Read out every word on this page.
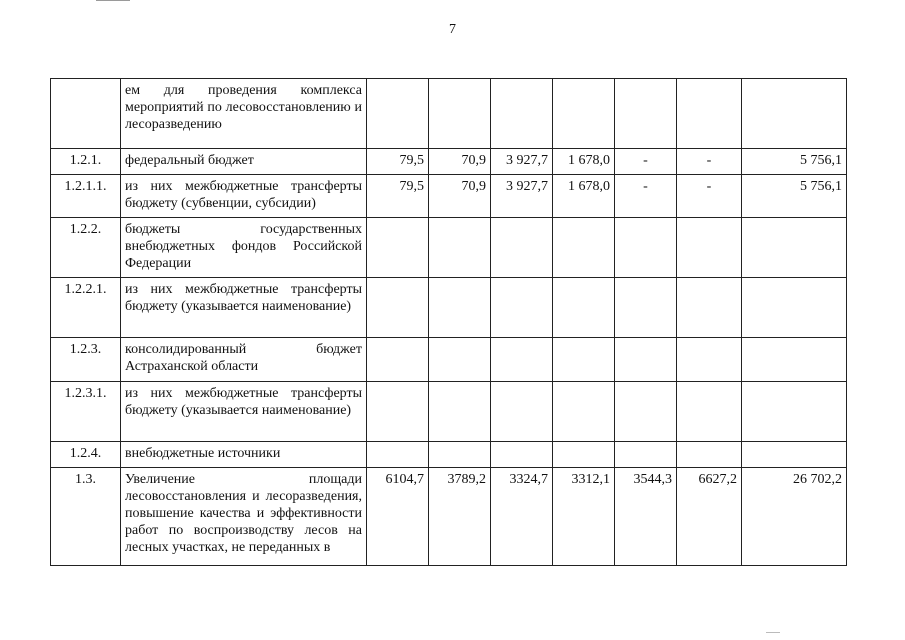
7
	ем для проведения комплекса мероприятий по лесовосстановлению и лесоразведению							
1.2.1.	федеральный бюджет	79,5	70,9	3 927,7	1 678,0	-	-	5 756,1
1.2.1.1.	из них межбюджетные трансферты бюджету (субвенции, субсидии)	79,5	70,9	3 927,7	1 678,0	-	-	5 756,1
1.2.2.	бюджеты государственных внебюджетных фондов Российской Федерации							
1.2.2.1.	из них межбюджетные трансферты бюджету (указывается наименование)							
1.2.3.	консолидированный бюджет Астраханской области							
1.2.3.1.	из них межбюджетные трансферты бюджету (указывается наименование)							
1.2.4.	внебюджетные источники							
1.3.	Увеличение площади лесовосстановления и лесоразведения, повышение качества и эффективности работ по воспроизводству лесов на лесных участках, не переданных в	6104,7	3789,2	3324,7	3312,1	3544,3	6627,2	26 702,2
